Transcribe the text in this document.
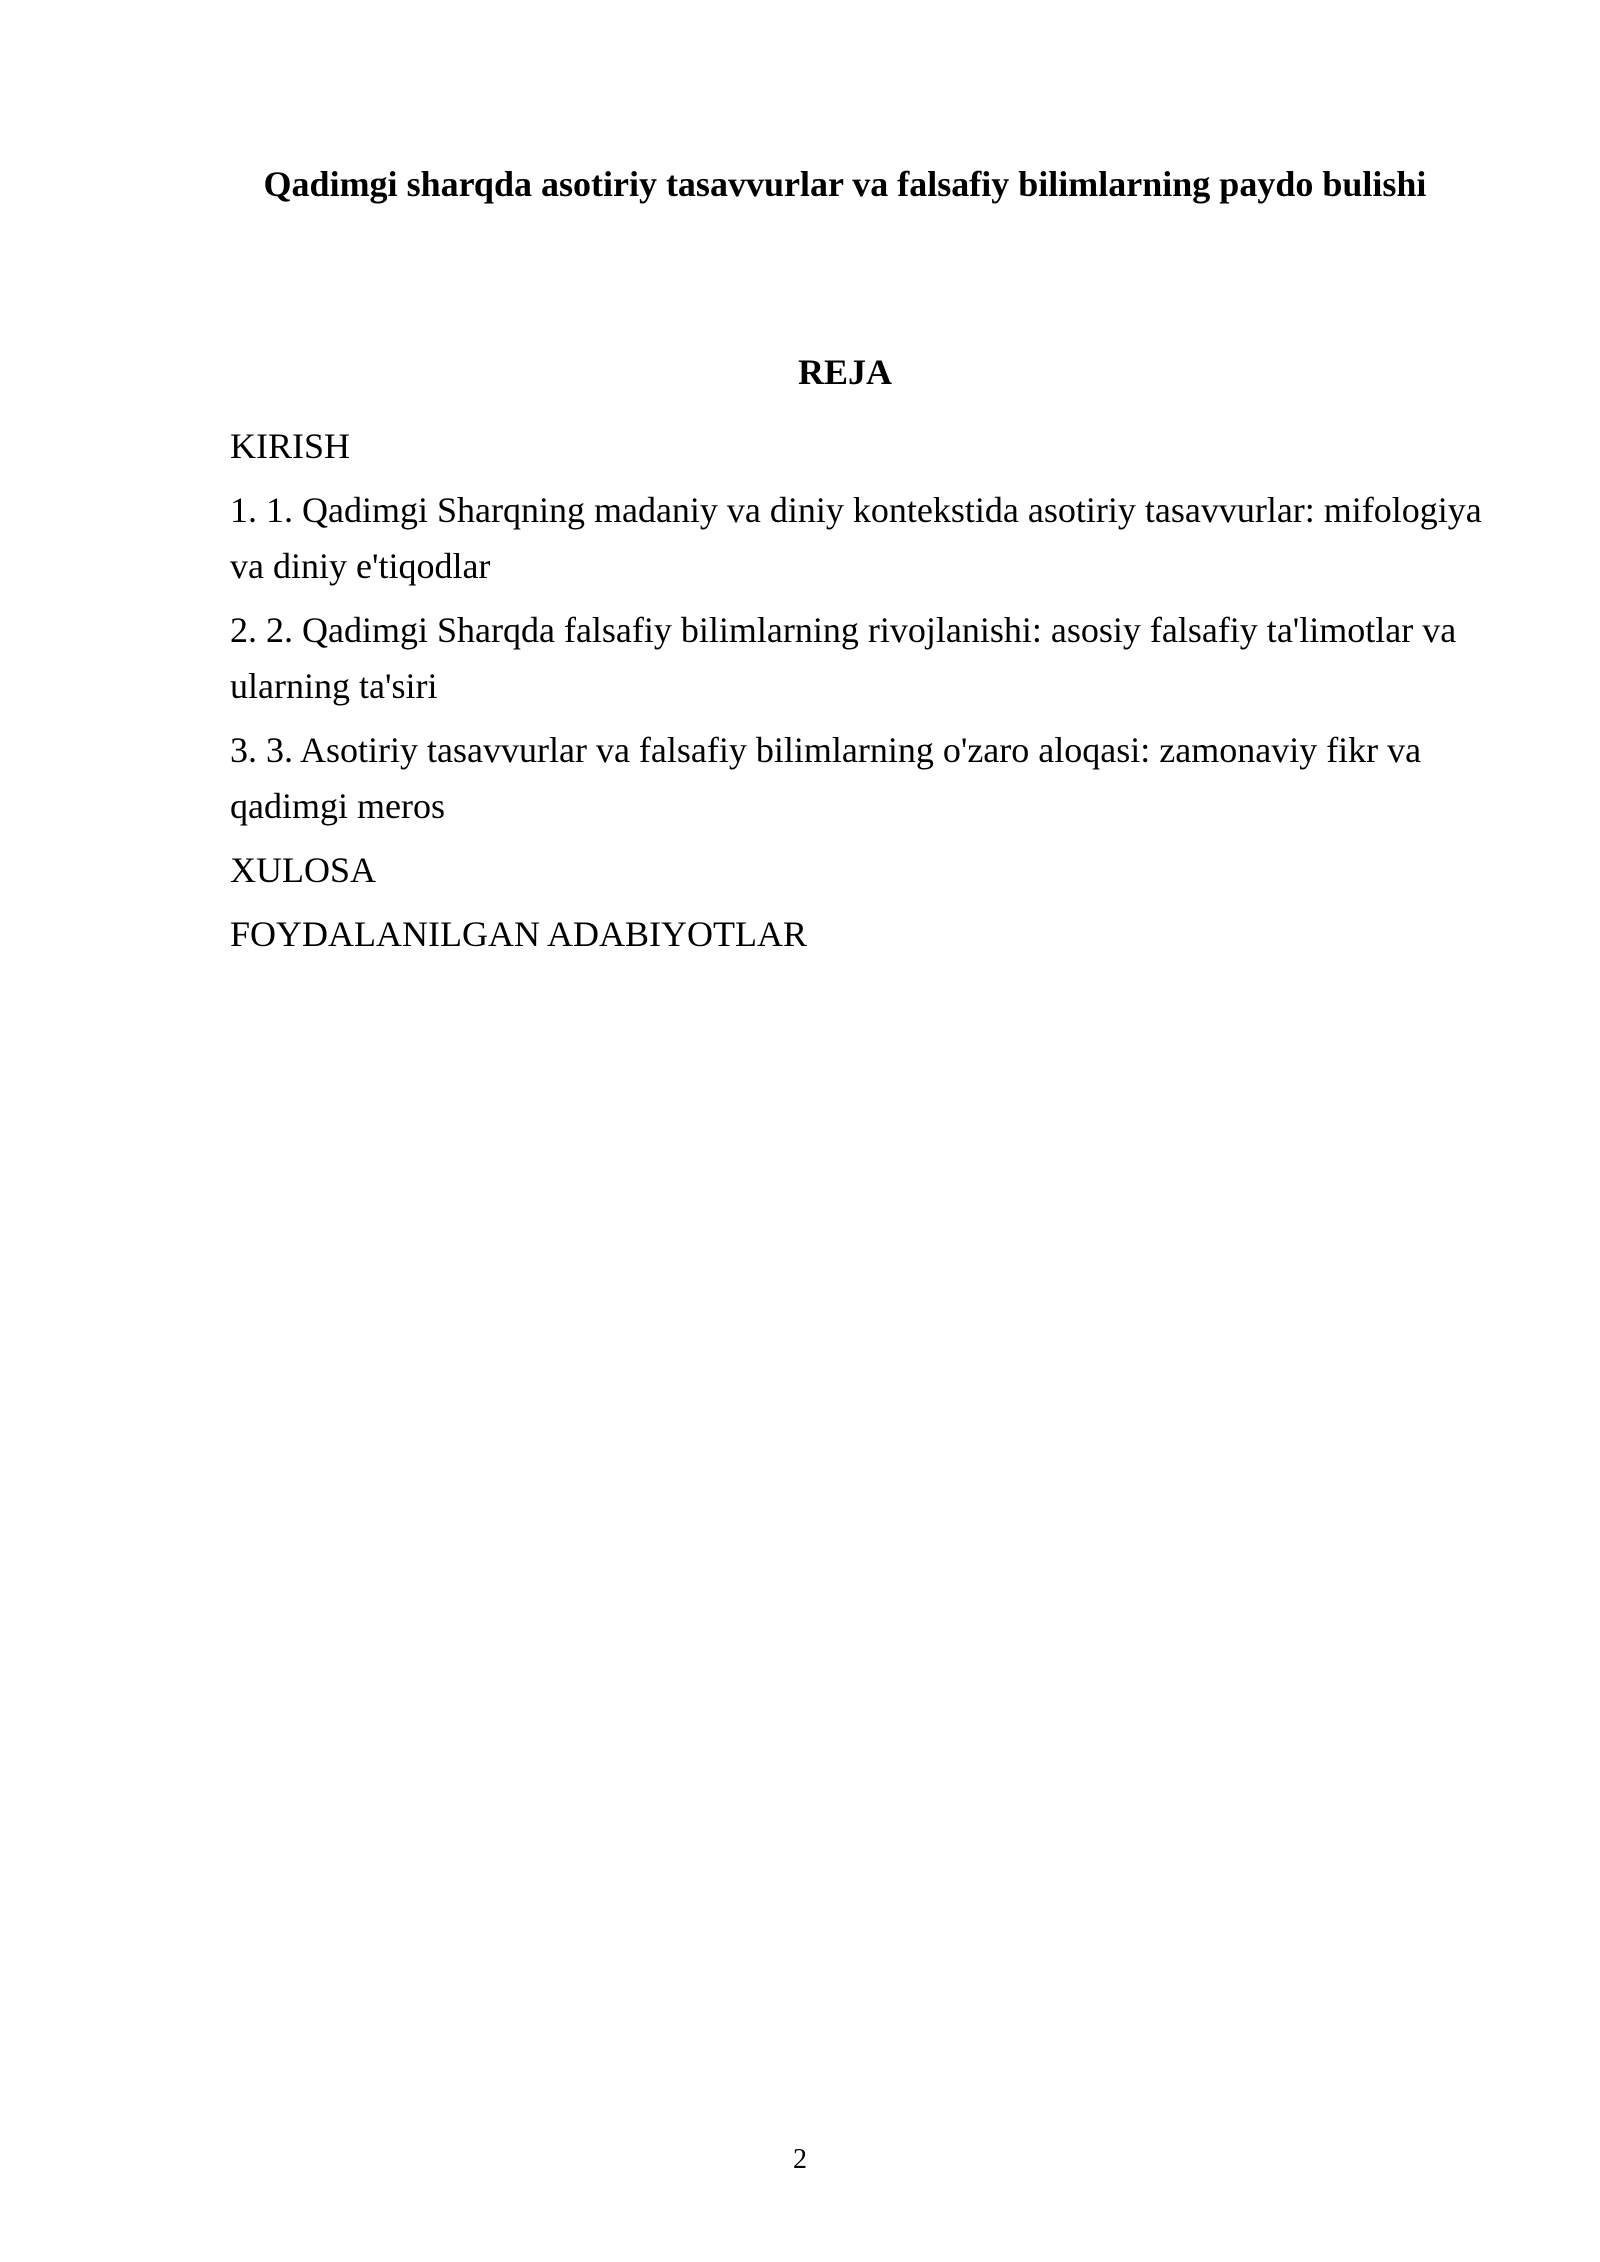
Qadimgi sharqda asotiriy tasavvurlar va falsafiy bilimlarning paydo bulishi
REJA
KIRISH
1. 1. Qadimgi Sharqning madaniy va diniy kontekstida asotiriy tasavvurlar: mifologiya va diniy e'tiqodlar
2. 2. Qadimgi Sharqda falsafiy bilimlarning rivojlanishi: asosiy falsafiy ta'limotlar va ularning ta'siri
3. 3. Asotiriy tasavvurlar va falsafiy bilimlarning o'zaro aloqasi: zamonaviy fikr va qadimgi meros
XULOSA
FOYDALANILGAN ADABIYOTLAR

2
